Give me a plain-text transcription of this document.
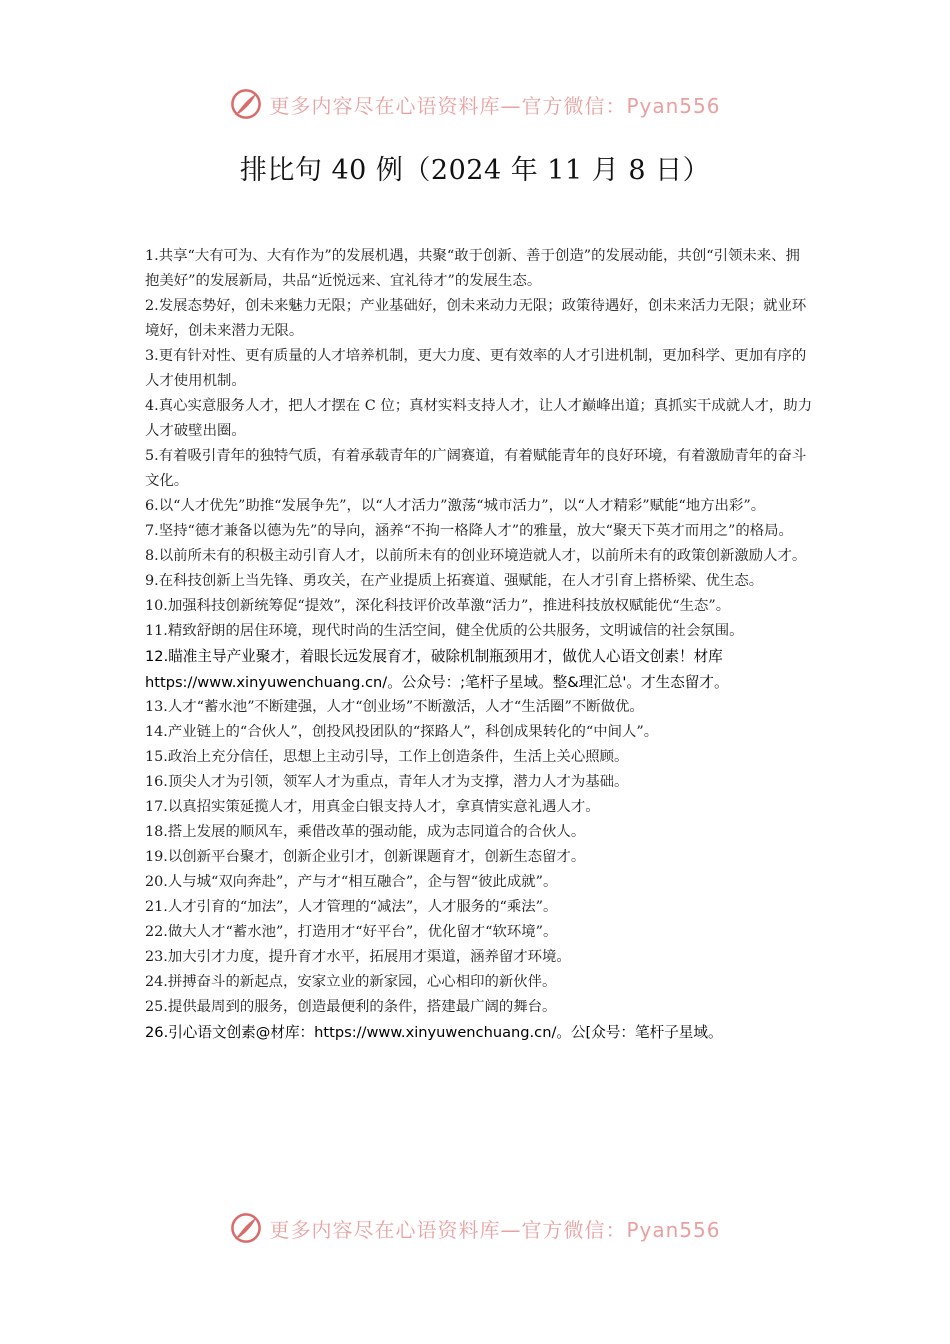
更多内容尽在心语资料库—官方微信：Pyan556
排比句 40 例（2024 年 11 月 8 日）

1.共享“大有可为、大有作为”的发展机遇，共聚“敢于创新、善于创造”的发展动能，共创“引领未来、拥抱美好”的发展新局，共品“近悦远来、宜礼待才”的发展生态。

2.发展态势好，创未来魅力无限；产业基础好，创未来动力无限；政策待遇好，创未来活力无限；就业环境好，创未来潜力无限。

3.更有针对性、更有质量的人才培养机制，更大力度、更有效率的人才引进机制，更加科学、更加有序的人才使用机制。

4.真心实意服务人才，把人才摆在 C 位；真材实料支持人才，让人才巅峰出道；真抓实干成就人才，助力人才破壁出圈。

5.有着吸引青年的独特气质，有着承载青年的广阔赛道，有着赋能青年的良好环境，有着激励青年的奋斗文化。

6.以“人才优先”助推“发展争先”，以“人才活力”激荡“城市活力”，以“人才精彩”赋能“地方出彩”。

7.坚持“德才兼备以德为先”的导向，涵养“不拘一格降人才”的雅量，放大“聚天下英才而用之”的格局。

8.以前所未有的积极主动引育人才，以前所未有的创业环境造就人才，以前所未有的政策创新激励人才。

9.在科技创新上当先锋、勇攻关，在产业提质上拓赛道、强赋能，在人才引育上搭桥梁、优生态。

10.加强科技创新统筹促“提效”，深化科技评价改革激“活力”，推进科技放权赋能优“生态”。

11.精致舒朗的居住环境，现代时尚的生活空间，健全优质的公共服务，文明诚信的社会氛围。

12.瞄准主导产业聚才，着眼长远发展育才，破除机制瓶颈用才，做优人心语文创素！材库

https://www.xinyuwenchuang.cn/。公众号：;笔杆子星域。整&理汇总'。才生态留才。

13.人才“蓄水池”不断建强，人才“创业场”不断激活，人才“生活圈”不断做优。

14.产业链上的“合伙人”，创投风投团队的“探路人”，科创成果转化的“中间人”。

15.政治上充分信任，思想上主动引导，工作上创造条件，生活上关心照顾。

16.顶尖人才为引领，领军人才为重点，青年人才为支撑，潜力人才为基础。

17.以真招实策延揽人才，用真金白银支持人才，拿真情实意礼遇人才。

18.搭上发展的顺风车，乘借改革的强动能，成为志同道合的合伙人。

19.以创新平台聚才，创新企业引才，创新课题育才，创新生态留才。

20.人与城“双向奔赴”，产与才“相互融合”，企与智“彼此成就”。

21.人才引育的“加法”，人才管理的“减法”，人才服务的“乘法”。

22.做大人才“蓄水池”，打造用才“好平台”，优化留才“软环境”。

23.加大引才力度，提升育才水平，拓展用才渠道，涵养留才环境。

24.拼搏奋斗的新起点，安家立业的新家园，心心相印的新伙伴。

25.提供最周到的服务，创造最便利的条件，搭建最广阔的舞台。

26.引心语文创素@材库：https://www.xinyuwenchuang.cn/。公[众号：笔杆子星域。

更多内容尽在心语资料库—官方微信：Pyan556
